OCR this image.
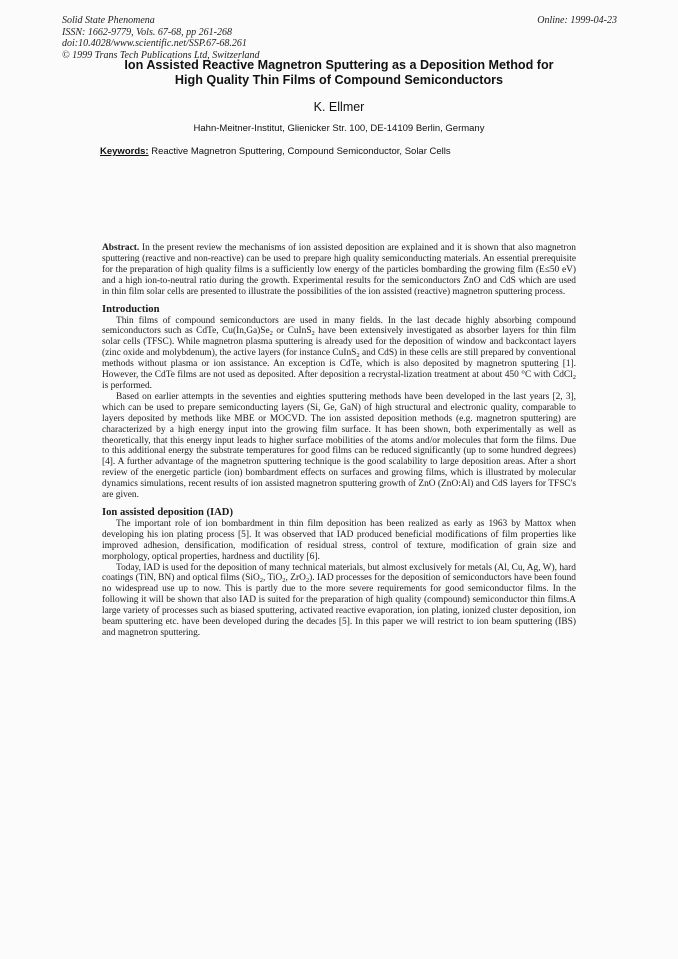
Solid State Phenomena
ISSN: 1662-9779, Vols. 67-68, pp 261-268
doi:10.4028/www.scientific.net/SSP.67-68.261
© 1999 Trans Tech Publications Ltd, Switzerland
Online: 1999-04-23
Ion Assisted Reactive Magnetron Sputtering as a Deposition Method for
High Quality Thin Films of Compound Semiconductors
K. Ellmer
Hahn-Meitner-Institut, Glienicker Str. 100, DE-14109 Berlin, Germany
Keywords: Reactive Magnetron Sputtering, Compound Semiconductor, Solar Cells

Abstract. In the present review the mechanisms of ion assisted deposition are explained and it is shown that also magnetron sputtering (reactive and non-reactive) can be used to prepare high quality semiconducting materials. An essential prerequisite for the preparation of high quality films is a sufficiently low energy of the particles bombarding the growing film (E≤50 eV) and a high ion-to-neutral ratio during the growth. Experimental results for the semiconductors ZnO and CdS which are used in thin film solar cells are presented to illustrate the possibilities of the ion assisted (reactive) magnetron sputtering process.

Introduction

Thin films of compound semiconductors are used in many fields. In the last decade highly absorbing compound semiconductors such as CdTe, $Cu(In,Ga)Se_2$ or CuInS$_2$ have been extensively investigated as absorber layers for thin film solar cells (TFSC). While magnetron plasma sputtering is already used for the deposition of window and backcontact layers (zinc oxide and molybdenum), the active layers (for instance CuInS$_2$ and CdS) in these cells are still prepared by conventional methods without plasma or ion assistance. An exception is CdTe, which is also deposited by magnetron sputtering [1]. However, the CdTe films are not used as deposited. After deposition a recrystal-lization treatment at about 450 °C with CdCl$_2$ is performed.

Based on earlier attempts in the seventies and eighties sputtering methods have been developed in the last years [2, 3], which can be used to prepare semiconducting layers (Si, Ge, GaN) of high structural and electronic quality, comparable to layers deposited by methods like MBE or MOCVD. The ion assisted deposition methods (e.g. magnetron sputtering) are characterized by a high energy input into the growing film surface. It has been shown, both experimentally as well as theoretically, that this energy input leads to higher surface mobilities of the atoms and/or molecules that form the films. Due to this additional energy the substrate temperatures for good films can be reduced significantly (up to some hundred degrees) [4]. A further advantage of the magnetron sputtering technique is the good scalability to large deposition areas. After a short review of the energetic particle (ion) bombardment effects on surfaces and growing films, which is illustrated by molecular dynamics simulations, recent results of ion assisted magnetron sputtering growth of ZnO (ZnO:Al) and CdS layers for TFSC's are given.

Ion assisted deposition (IAD)

The important role of ion bombardment in thin film deposition has been realized as early as 1963 by Mattox when developing his ion plating process [5]. It was observed that IAD produced beneficial modifications of film properties like improved adhesion, densification, modification of residual stress, control of texture, modification of grain size and morphology, optical properties, hardness and ductility [6].

Today, IAD is used for the deposition of many technical materials, but almost exclusively for metals (Al, Cu, Ag, W), hard coatings (TiN, BN) and optical films (SiO$_2$, TiO$_2$, ZrO$_2$). IAD processes for the deposition of semiconductors have been found no widespread use up to now. This is partly due to the more severe requirements for good semiconductor films. In the following it will be shown that also IAD is suited for the preparation of high quality (compound) semiconductor thin films.A large variety of processes such as biased sputtering, activated reactive evaporation, ion plating, ionized cluster deposition, ion beam sputtering etc. have been developed during the decades [5]. In this paper we will restrict to ion beam sputtering (IBS) and magnetron sputtering.
